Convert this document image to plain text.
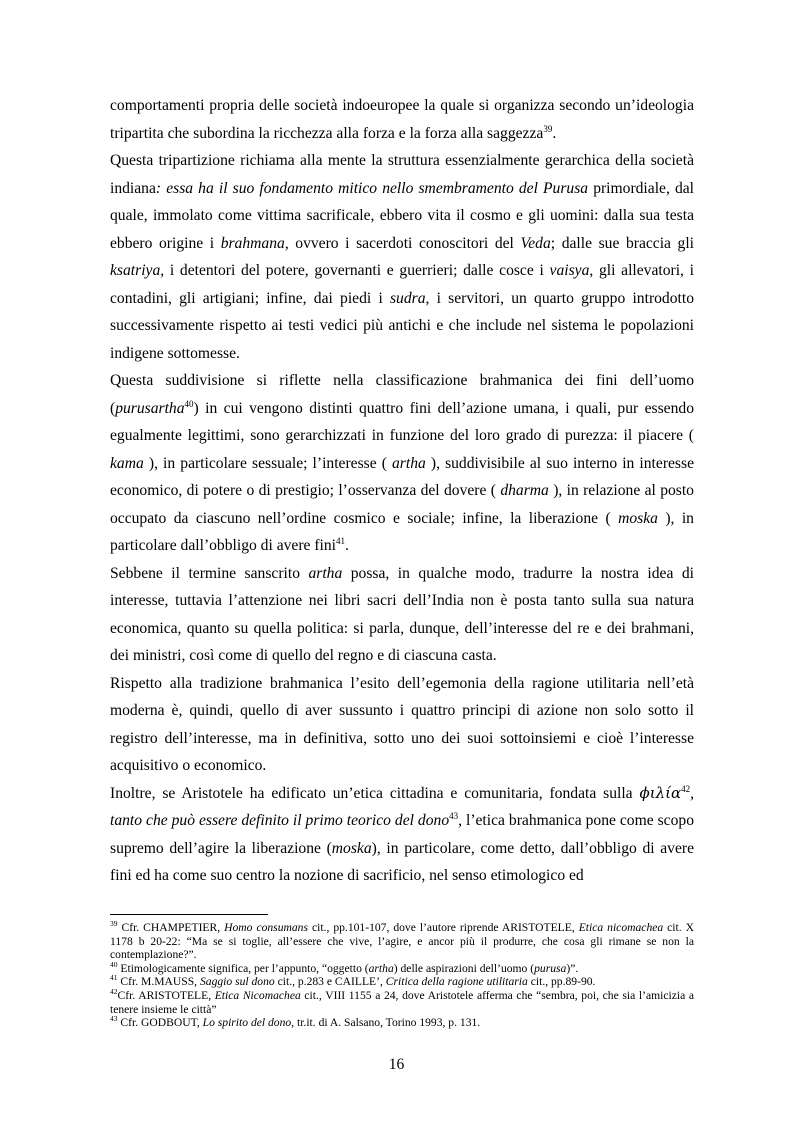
comportamenti propria delle società indoeuropee la quale si organizza secondo un’ideologia tripartita che subordina la ricchezza alla forza e la forza alla saggezza$^{39}$.

Questa tripartizione richiama alla mente la struttura essenzialmente gerarchica della società indiana: essa ha il suo fondamento mitico nello smembramento del Purusa primordiale, dal quale, immolato come vittima sacrificale, ebbero vita il cosmo e gli uomini: dalla sua testa ebbero origine i brahmana, ovvero i sacerdoti conoscitori del Veda; dalle sue braccia gli ksatriya, i detentori del potere, governanti e guerrieri; dalle cosce i vaisya, gli allevatori, i contadini, gli artigiani; infine, dai piedi i sudra, i servitori, un quarto gruppo introdotto successivamente rispetto ai testi vedici più antichi e che include nel sistema le popolazioni indigene sottomesse.

Questa suddivisione si riflette nella classificazione brahmanica dei fini dell’uomo (purusartha$^{40}$) in cui vengono distinti quattro fini dell’azione umana, i quali, pur essendo egualmente legittimi, sono gerarchizzati in funzione del loro grado di purezza: il piacere ( kama ), in particolare sessuale; l’interesse ( artha ), suddivisibile al suo interno in interesse economico, di potere o di prestigio; l’osservanza del dovere ( dharma ), in relazione al posto occupato da ciascuno nell’ordine cosmico e sociale; infine, la liberazione ( moska ), in particolare dall’obbligo di avere fini$^{41}$.

Sebbene il termine sanscrito artha possa, in qualche modo, tradurre la nostra idea di interesse, tuttavia l’attenzione nei libri sacri dell’India non è posta tanto sulla sua natura economica, quanto su quella politica: si parla, dunque, dell’interesse del re e dei brahmani, dei ministri, così come di quello del regno e di ciascuna casta.

Rispetto alla tradizione brahmanica l’esito dell’egemonia della ragione utilitaria nell’età moderna è, quindi, quello di aver sussunto i quattro principi di azione non solo sotto il registro dell’interesse, ma in definitiva, sotto uno dei suoi sottoinsiemi e cioè l’interesse acquisitivo o economico.

Inoltre, se Aristotele ha edificato un’etica cittadina e comunitaria, fondata sulla ϕιλία$^{42}$, tanto che può essere definito il primo teorico del dono$^{43}$, l’etica brahmanica pone come scopo supremo dell’agire la liberazione (moska), in particolare, come detto, dall’obbligo di avere fini ed ha come suo centro la nozione di sacrificio, nel senso etimologico ed

$^{39}$ Cfr. CHAMPETIER, Homo consumans cit., pp.101-107, dove l’autore riprende ARISTOTELE, Etica nicomachea cit. X 1178 b 20-22: “Ma se si toglie, all’essere che vive, l’agire, e ancor più il produrre, che cosa gli rimane se non la contemplazione?”.

$^{40}$ Etimologicamente significa, per l’appunto, “oggetto (artha) delle aspirazioni dell’uomo (purusa)”.

$^{41}$ Cfr. M.MAUSS, Saggio sul dono cit., p.283 e CAILLE’, Critica della ragione utilitaria cit., pp.89-90.

$^{42}$Cfr. ARISTOTELE, Etica Nicomachea cit., VIII 1155 a 24, dove Aristotele afferma che “sembra, poi, che sia l’amicizia a tenere insieme le città”

$^{43}$ Cfr. GODBOUT, Lo spirito del dono, tr.it. di A. Salsano, Torino 1993, p. 131.

16
